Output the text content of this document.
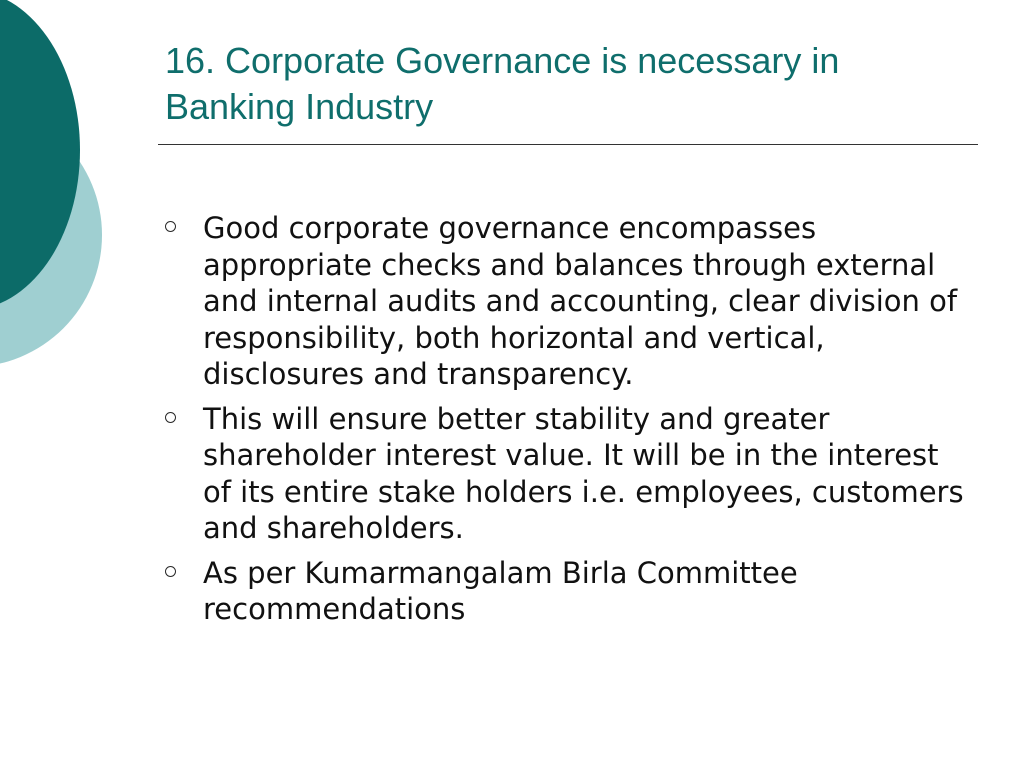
16. Corporate Governance is necessary in Banking Industry
Good corporate governance encompasses appropriate checks and balances through external and internal audits and accounting, clear division of responsibility, both horizontal and vertical, disclosures and transparency.
This will ensure better stability and greater shareholder interest value. It will be in the interest of its entire stake holders i.e. employees, customers and shareholders.
As per Kumarmangalam Birla Committee recommendations
